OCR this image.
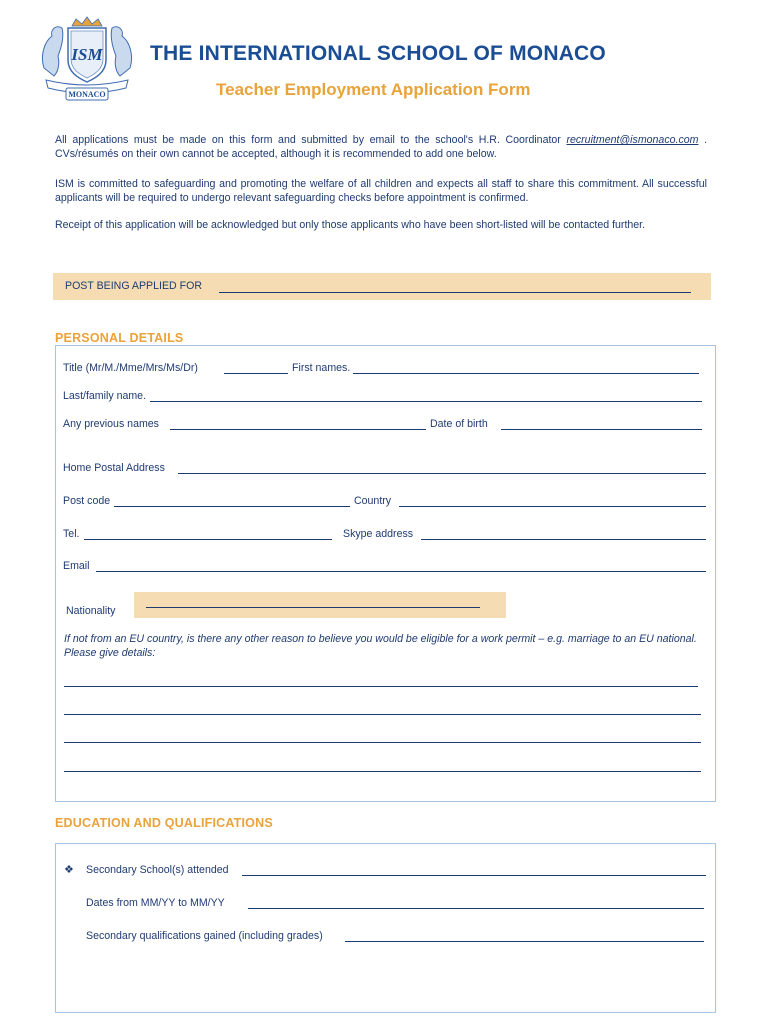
ISM
MONACO
THE INTERNATIONAL SCHOOL OF MONACO
Teacher Employment Application Form
All applications must be made on this form and submitted by email to the school's H.R. Coordinator recruitment@ismonaco.com . CVs/résumés on their own cannot be accepted, although it is recommended to add one below.
ISM is committed to safeguarding and promoting the welfare of all children and expects all staff to share this commitment. All successful applicants will be required to undergo relevant safeguarding checks before appointment is confirmed.
Receipt of this application will be acknowledged but only those applicants who have been short-listed will be contacted further.
POST BEING APPLIED FOR
PERSONAL DETAILS
Title (Mr/M./Mme/Mrs/Ms/Dr)	First names.
Last/family name.
Any previous names	Date of birth
Home Postal Address
Post code	Country
Tel.	Skype address
Email
Nationality
If not from an EU country, is there any other reason to believe you would be eligible for a work permit – e.g. marriage to an EU national. Please give details:
EDUCATION AND QUALIFICATIONS
❖ Secondary School(s) attended
Dates from MM/YY to MM/YY
Secondary qualifications gained (including grades)
